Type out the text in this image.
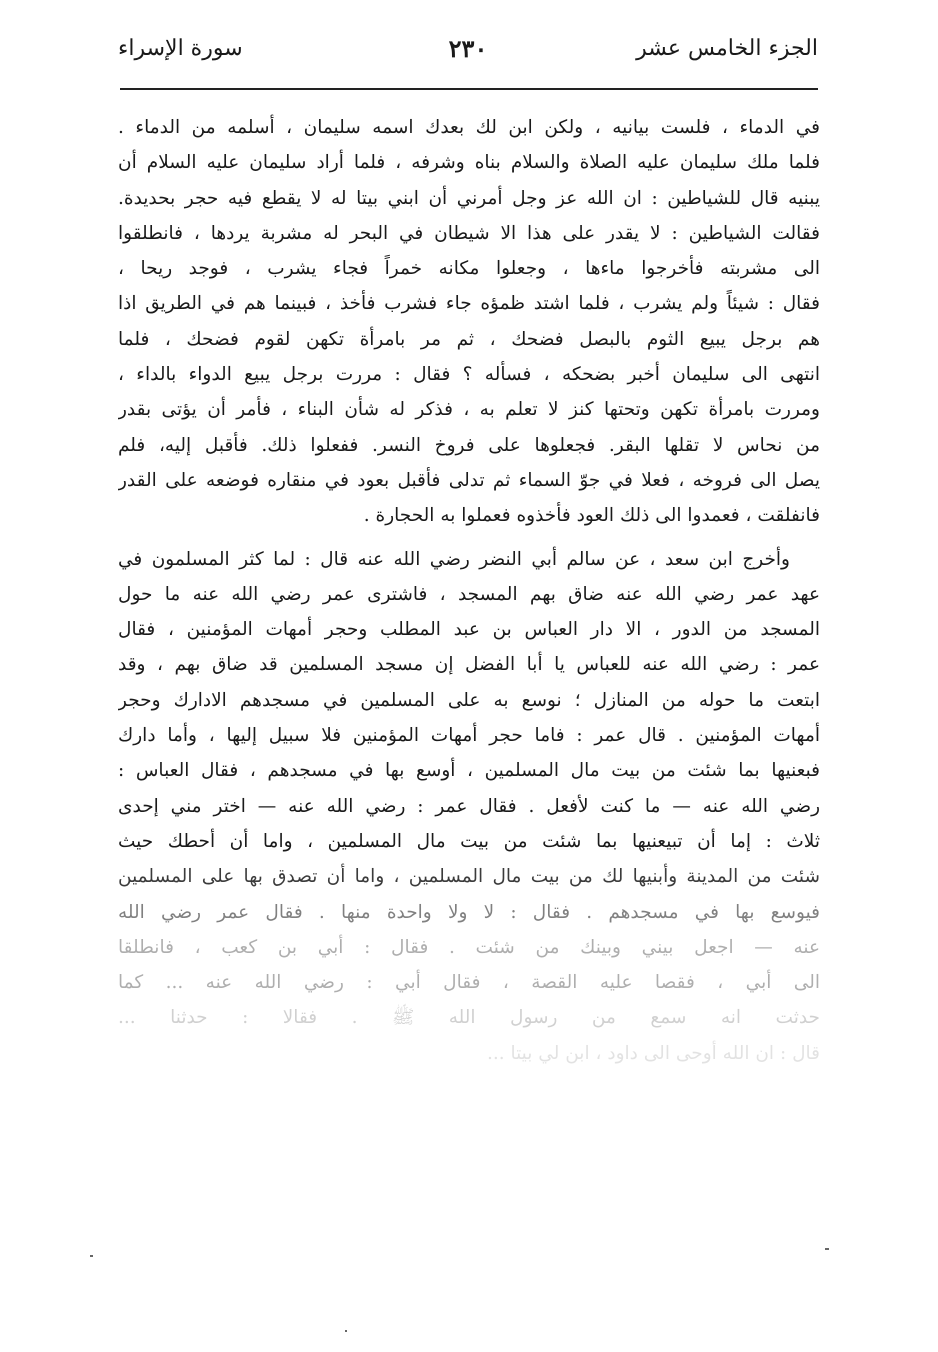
الجزء الخامس عشر
٢٣٠
سورة الإسراء
في الدماء ، فلست بيانيه ، ولكن ابن لك بعدك اسمه سليمان ، أسلمه من الدماء .
فلما ملك سليمان عليه الصلاة والسلام بناه وشرفه ، فلما أراد سليمان عليه السلام أن
يبنيه قال للشياطين : ان الله عز وجل أمرني أن ابني بيتا له لا يقطع فيه حجر بحديدة.
فقالت الشياطين : لا يقدر على هذا الا شيطان في البحر له مشربة يردها ، فانطلقوا
الى مشربته فأخرجوا ماءها ، وجعلوا مكانه خمراً فجاء يشرب ، فوجد ريحا ،
فقال : شيئاً ولم يشرب ، فلما اشتد ظمؤه جاء فشرب فأخذ ، فبينما هم في الطريق اذا
هم برجل يبيع الثوم بالبصل فضحك ، ثم مر بامرأة تكهن لقوم فضحك ، فلما
انتهى الى سليمان أخبر بضحكه ، فسأله ؟ فقال : مررت برجل يبيع الدواء بالداء ،
ومررت بامرأة تكهن وتحتها كنز لا تعلم به ، فذكر له شأن البناء ، فأمر أن يؤتى بقدر
من نحاس لا تقلها البقر. فجعلوها على فروخ النسر. ففعلوا ذلك. فأقبل إليه، فلم
يصل الى فروخه ، فعلا في جوّ السماء ثم تدلى فأقبل بعود في منقاره فوضعه على القدر
فانفلقت ، فعمدوا الى ذلك العود فأخذوه فعملوا به الحجارة .
وأخرج ابن سعد ، عن سالم أبي النضر رضي الله عنه قال : لما كثر المسلمون في
عهد عمر رضي الله عنه ضاق بهم المسجد ، فاشترى عمر رضي الله عنه ما حول
المسجد من الدور ، الا دار العباس بن عبد المطلب وحجر أمهات المؤمنين ، فقال
عمر : رضي الله عنه للعباس يا أبا الفضل إن مسجد المسلمين قد ضاق بهم ، وقد
ابتعت ما حوله من المنازل ؛ نوسع به على المسلمين في مسجدهم الادارك وحجر
أمهات المؤمنين . قال عمر : فاما حجر أمهات المؤمنين فلا سبيل إليها ، وأما دارك
فبعنيها بما شئت من بيت مال المسلمين ، أوسع بها في مسجدهم ، فقال العباس :
رضي الله عنه — ما كنت لأفعل . فقال عمر : رضي الله عنه — اختر مني إحدى
ثلاث : إما أن تبيعنيها بما شئت من بيت مال المسلمين ، واما أن أحطك حيث
شئت من المدينة وأبنيها لك من بيت مال المسلمين ، واما أن تصدق بها على المسلمين
فيوسع بها في مسجدهم . فقال : لا ولا واحدة منها . فقال عمر رضي الله
عنه — اجعل بيني وبينك من شئت . فقال : أبي بن كعب ، فانطلقا
الى أبي ، فقصا عليه القصة ، فقال أبي : رضي الله عنه ... كما
حدثت انه سمع من رسول الله ﷺ . فقالا : حدثنا ...
قال : ان الله أوحى الى داود ، ابن لي بيتا ...
